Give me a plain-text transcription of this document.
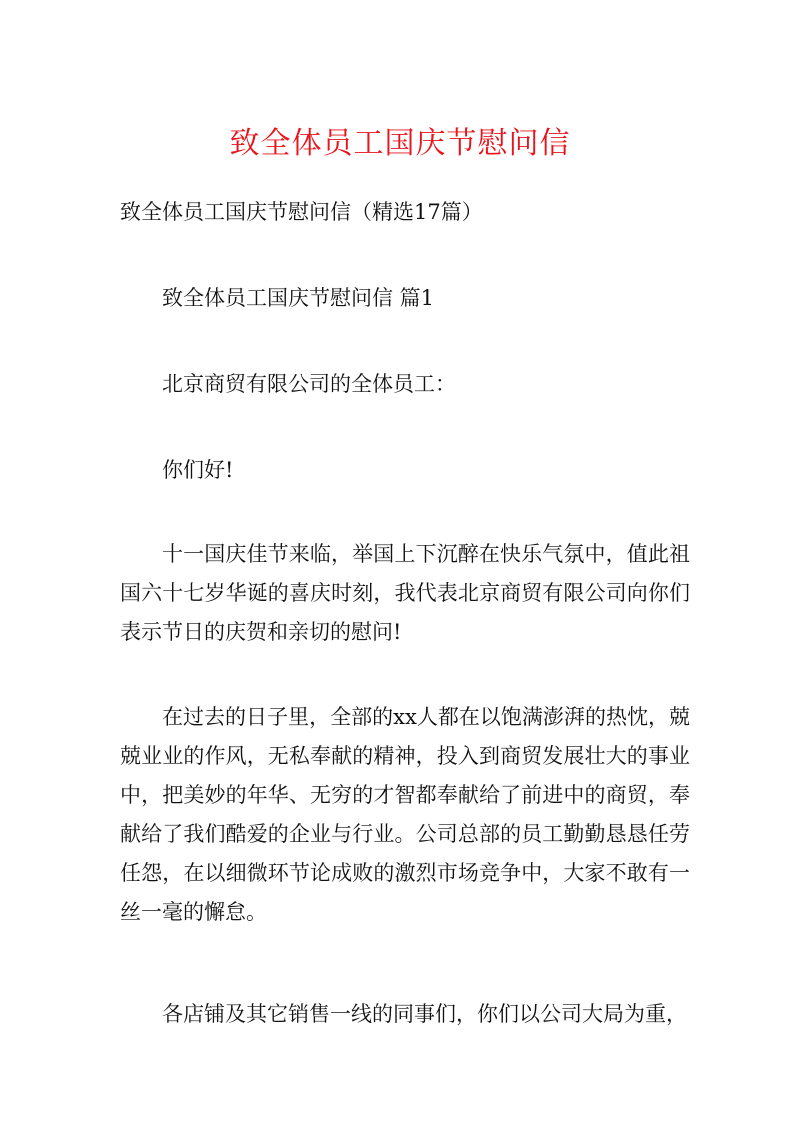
致全体员工国庆节慰问信
致全体员工国庆节慰问信（精选17篇）
致全体员工国庆节慰问信 篇1
北京商贸有限公司的全体员工：
你们好!
十一国庆佳节来临，举国上下沉醉在快乐气氛中，值此祖国六十七岁华诞的喜庆时刻，我代表北京商贸有限公司向你们表示节日的庆贺和亲切的慰问!
在过去的日子里，全部的xx人都在以饱满澎湃的热忱，兢兢业业的作风，无私奉献的精神，投入到商贸发展壮大的事业中，把美妙的年华、无穷的才智都奉献给了前进中的商贸，奉献给了我们酷爱的企业与行业。公司总部的员工勤勤恳恳任劳任怨，在以细微环节论成败的激烈市场竞争中，大家不敢有一丝一毫的懈怠。
各店铺及其它销售一线的同事们，你们以公司大局为重，
